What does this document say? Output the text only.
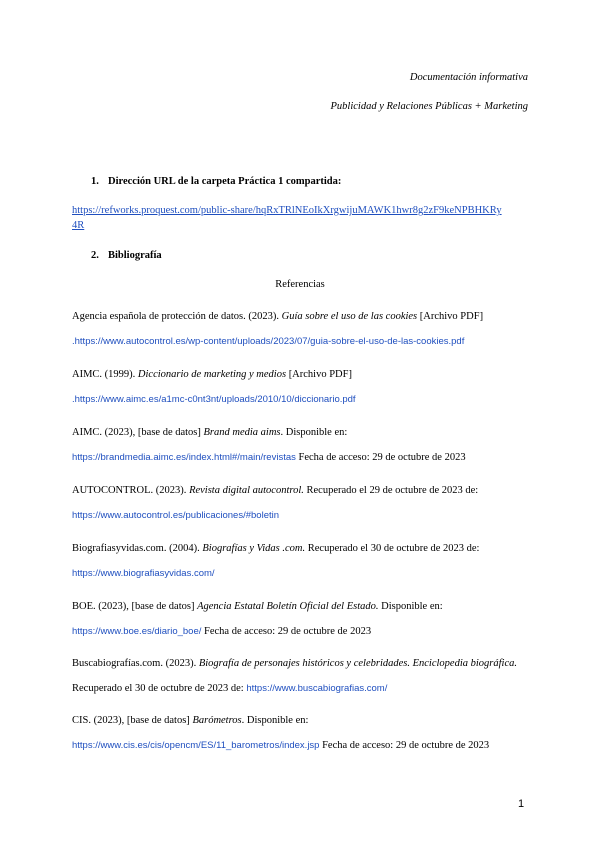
Documentación informativa
Publicidad y Relaciones Públicas + Marketing
1. Dirección URL de la carpeta Práctica 1 compartida:
https://refworks.proquest.com/public-share/hqRxTRlNEoIkXrgwijuMAWK1hwr8g2zF9keNPBHKRy
4R
2. Bibliografía
Referencias
Agencia española de protección de datos. (2023). Guía sobre el uso de las cookies [Archivo PDF]
.https://www.autocontrol.es/wp-content/uploads/2023/07/guia-sobre-el-uso-de-las-cookies.pdf
AIMC. (1999). Diccionario de marketing y medios [Archivo PDF]
.https://www.aimc.es/a1mc-c0nt3nt/uploads/2010/10/diccionario.pdf
AIMC. (2023), [base de datos] Brand media aims. Disponible en:
https://brandmedia.aimc.es/index.html#/main/revistas Fecha de acceso: 29 de octubre de 2023
AUTOCONTROL. (2023). Revista digital autocontrol. Recuperado el 29 de octubre de 2023 de:
https://www.autocontrol.es/publicaciones/#boletin
Biografiasyvidas.com. (2004). Biografías y Vidas .com. Recuperado el 30 de octubre de 2023 de:
https://www.biografiasyvidas.com/
BOE. (2023), [base de datos] Agencia Estatal Boletín Oficial del Estado. Disponible en:
https://www.boe.es/diario_boe/ Fecha de acceso: 29 de octubre de 2023
Buscabiografías.com. (2023). Biografía de personajes históricos y celebridades. Enciclopedia biográfica.
Recuperado el 30 de octubre de 2023 de: https://www.buscabiografias.com/
CIS. (2023), [base de datos] Barómetros. Disponible en:
https://www.cis.es/cis/opencm/ES/11_barometros/index.jsp Fecha de acceso: 29 de octubre de 2023
1
